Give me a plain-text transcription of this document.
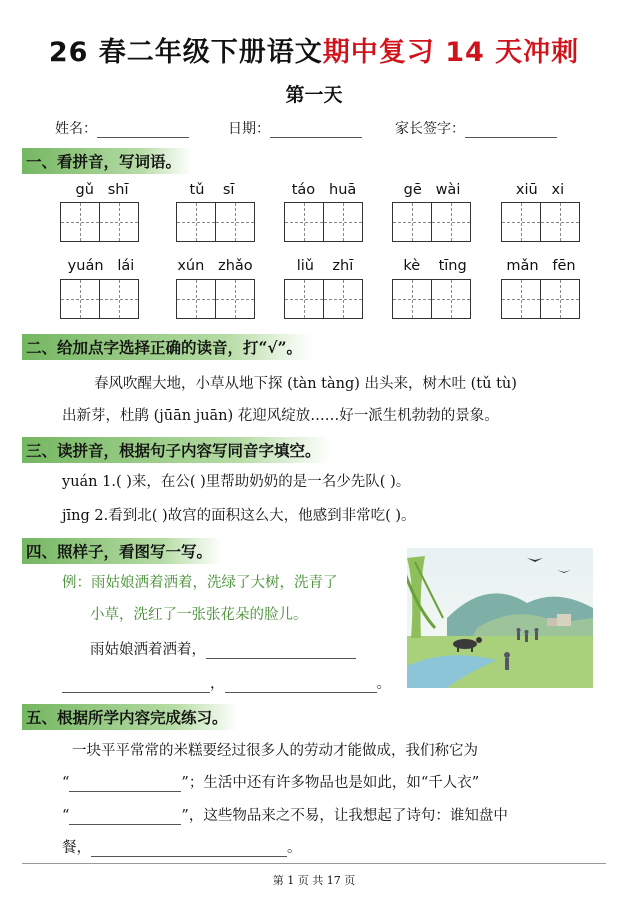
26 春二年级下册语文期中复习 14 天冲刺
第一天
姓名：	日期：	家长签字：
一、看拼音，写词语。
gǔ shī	tǔ sī	táo huā	gē wài	xiū xi
yuán lái	xún zhǎo	liǔ zhī	kè tīng	mǎn fēn
二、给加点字选择正确的读音，打“√”。
春风吹醒大地，小草从地下探 (tàn tàng) 出头来，树木吐 (tǔ tù)
出新芽，杜鹃 (jūān juān) 花迎风绽放……好一派生机勃勃的景象。
三、读拼音，根据句子内容写同音字填空。
yuán 1.( )来，在公( )里帮助奶奶的是一名少先队( )。
jīng 2.看到北( )故宫的面积这么大，他感到非常吃( )。
四、照样子，看图写一写。
例：雨姑娘洒着洒着，洗绿了大树，洗青了
小草，洗红了一张张花朵的脸儿。
雨姑娘洒着洒着，
，	。
五、根据所学内容完成练习。
一块平平常常的米糕要经过很多人的劳动才能做成，我们称它为
“	”；生活中还有许多物品也是如此，如“千人衣”
“	”，这些物品来之不易，让我想起了诗句：谁知盘中
餐，	。
第 1 页 共 17 页
